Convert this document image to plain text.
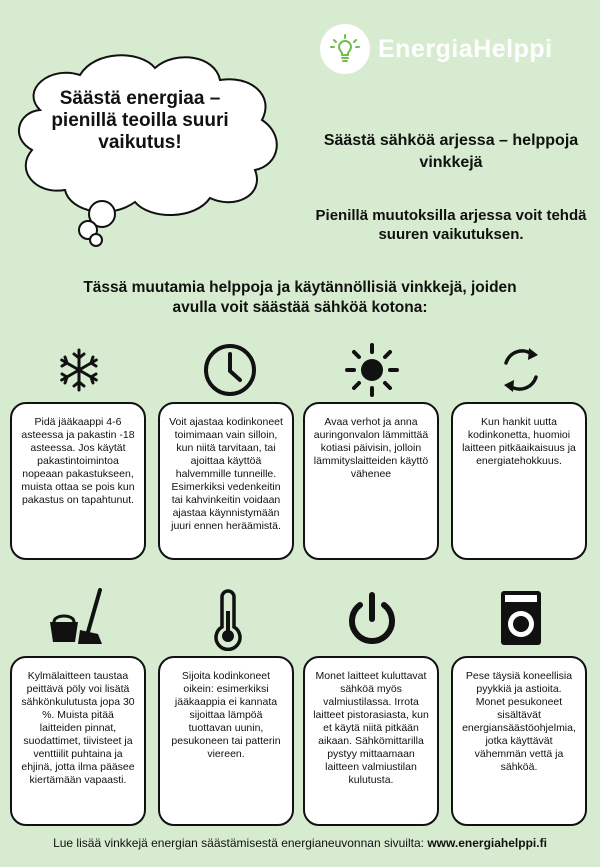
EnergiaHelppi
Säästä energiaa – pienillä teoilla suuri vaikutus!	Säästä sähköä arjessa – helppoja vinkkejä
Pienillä muutoksilla arjessa voit tehdä suuren vaikutuksen.
Tässä muutamia helppoja ja käytännöllisiä vinkkejä, joiden avulla voit säästää sähköä kotona:
Pidä jääkaappi 4-6 asteessa ja pakastin -18 asteessa. Jos käytät pakastintoimintoa nopeaan pakastukseen, muista ottaa se pois kun pakastus on tapahtunut.
Voit ajastaa kodinkoneet toimimaan vain silloin, kun niitä tarvitaan, tai ajoittaa käyttöä halvemmille tunneille. Esimerkiksi vedenkeitin tai kahvinkeitin voidaan ajastaa käynnistymään juuri ennen heräämistä.
Avaa verhot ja anna auringonvalon lämmittää kotiasi päivisin, jolloin lämmityslaitteiden käyttö vähenee
Kun hankit uutta kodinkonetta, huomioi laitteen pitkäaikaisuus ja energiatehokkuus.
Kylmälaitteen taustaa peittävä pöly voi lisätä sähkönkulutusta jopa 30 %. Muista pitää laitteiden pinnat, suodattimet, tiivisteet ja venttiilit puhtaina ja ehjinä, jotta ilma pääsee kiertämään vapaasti.
Sijoita kodinkoneet oikein: esimerkiksi jääkaappia ei kannata sijoittaa lämpöä tuottavan uunin, pesukoneen tai patterin viereen.
Monet laitteet kuluttavat sähköä myös valmiustilassa. Irrota laitteet pistorasiasta, kun et käytä niitä pitkään aikaan. Sähkömittarilla pystyy mittaamaan laitteen valmiustilan kulutusta.
Pese täysiä koneellisia pyykkiä ja astioita. Monet pesukoneet sisältävät energiansäästöohjelmia, jotka käyttävät vähemmän vettä ja sähköä.
Lue lisää vinkkejä energian säästämisestä energianeuvonnan sivuilta: www.energiahelppi.fi
